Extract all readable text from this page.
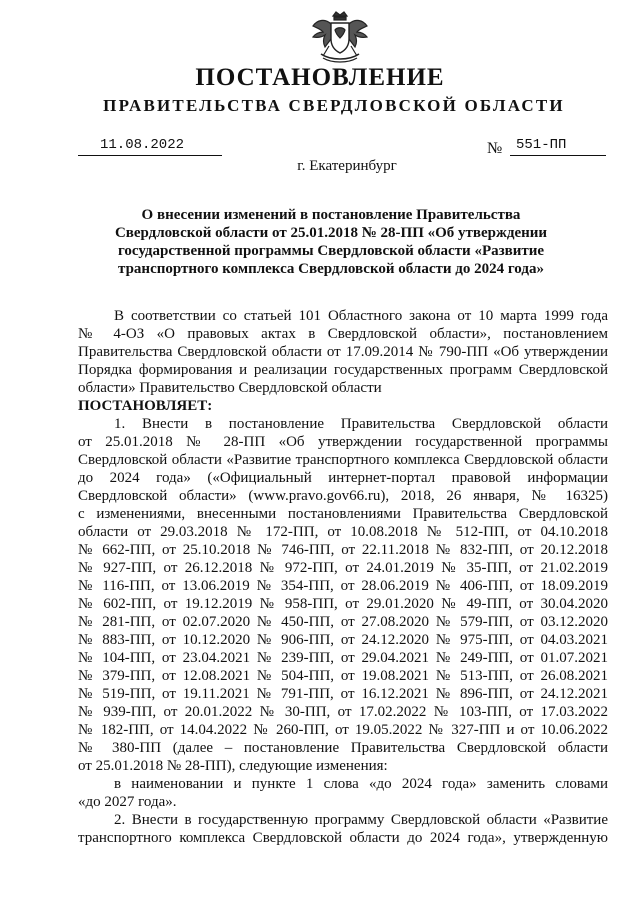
ПОСТАНОВЛЕНИЕ
ПРАВИТЕЛЬСТВА СВЕРДЛОВСКОЙ ОБЛАСТИ
11.08.2022	№ 551-ПП
г. Екатеринбург
О внесении изменений в постановление Правительства
Свердловской области от 25.01.2018 № 28-ПП «Об утверждении
государственной программы Свердловской области «Развитие
транспортного комплекса Свердловской области до 2024 года»
В соответствии со статьей 101 Областного закона от 10 марта 1999 года
№ 4-ОЗ «О правовых актах в Свердловской области», постановлением
Правительства Свердловской области от 17.09.2014 № 790-ПП «Об утверждении
Порядка формирования и реализации государственных программ Свердловской
области» Правительство Свердловской области
ПОСТАНОВЛЯЕТ:
1. Внести в постановление Правительства Свердловской области
от 25.01.2018 № 28-ПП «Об утверждении государственной программы
Свердловской области «Развитие транспортного комплекса Свердловской области
до 2024 года» («Официальный интернет-портал правовой информации
Свердловской области» (www.pravo.gov66.ru), 2018, 26 января, № 16325)
с изменениями, внесенными постановлениями Правительства Свердловской
области от 29.03.2018 № 172-ПП, от 10.08.2018 № 512-ПП, от 04.10.2018
№ 662-ПП, от 25.10.2018 № 746-ПП, от 22.11.2018 № 832-ПП, от 20.12.2018
№ 927-ПП, от 26.12.2018 № 972-ПП, от 24.01.2019 № 35-ПП, от 21.02.2019
№ 116-ПП, от 13.06.2019 № 354-ПП, от 28.06.2019 № 406-ПП, от 18.09.2019
№ 602-ПП, от 19.12.2019 № 958-ПП, от 29.01.2020 № 49-ПП, от 30.04.2020
№ 281-ПП, от 02.07.2020 № 450-ПП, от 27.08.2020 № 579-ПП, от 03.12.2020
№ 883-ПП, от 10.12.2020 № 906-ПП, от 24.12.2020 № 975-ПП, от 04.03.2021
№ 104-ПП, от 23.04.2021 № 239-ПП, от 29.04.2021 № 249-ПП, от 01.07.2021
№ 379-ПП, от 12.08.2021 № 504-ПП, от 19.08.2021 № 513-ПП, от 26.08.2021
№ 519-ПП, от 19.11.2021 № 791-ПП, от 16.12.2021 № 896-ПП, от 24.12.2021
№ 939-ПП, от 20.01.2022 № 30-ПП, от 17.02.2022 № 103-ПП, от 17.03.2022
№ 182-ПП, от 14.04.2022 № 260-ПП, от 19.05.2022 № 327-ПП и от 10.06.2022
№ 380-ПП (далее – постановление Правительства Свердловской области
от 25.01.2018 № 28-ПП), следующие изменения:
в наименовании и пункте 1 слова «до 2024 года» заменить словами
«до 2027 года».
2. Внести в государственную программу Свердловской области «Развитие
транспортного комплекса Свердловской области до 2024 года», утвержденную
